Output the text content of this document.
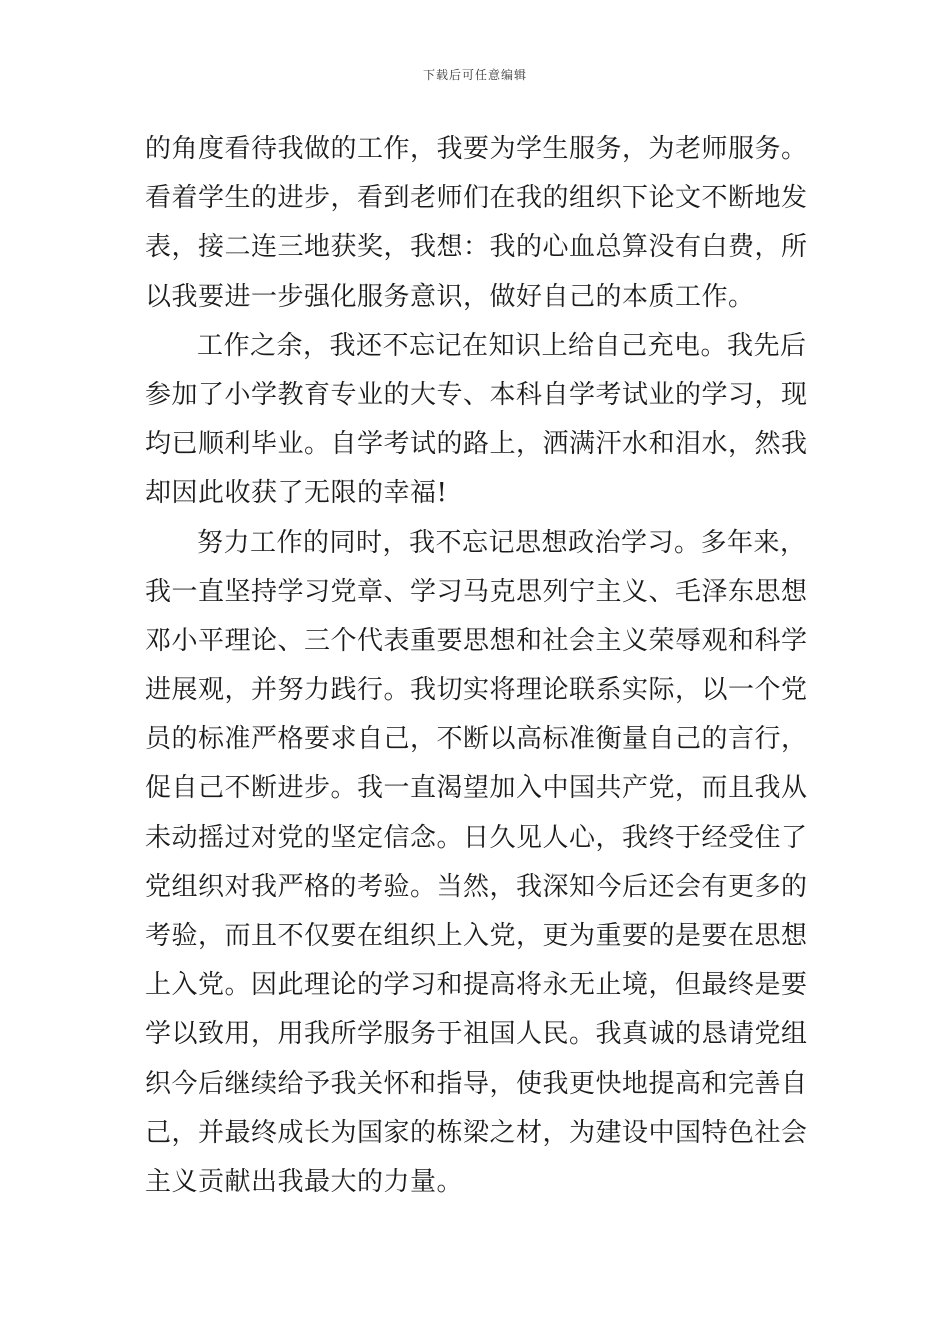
下载后可任意编辑
的角度看待我做的工作，我要为学生服务，为老师服务。
看着学生的进步，看到老师们在我的组织下论文不断地发
表，接二连三地获奖，我想：我的心血总算没有白费，所
以我要进一步强化服务意识，做好自己的本质工作。
工作之余，我还不忘记在知识上给自己充电。我先后
参加了小学教育专业的大专、本科自学考试业的学习，现
均已顺利毕业。自学考试的路上，洒满汗水和泪水，然我
却因此收获了无限的幸福!
努力工作的同时，我不忘记思想政治学习。多年来，
我一直坚持学习党章、学习马克思列宁主义、毛泽东思想
邓小平理论、三个代表重要思想和社会主义荣辱观和科学
进展观，并努力践行。我切实将理论联系实际，以一个党
员的标准严格要求自己，不断以高标准衡量自己的言行，
促自己不断进步。我一直渴望加入中国共产党，而且我从
未动摇过对党的坚定信念。日久见人心，我终于经受住了
党组织对我严格的考验。当然，我深知今后还会有更多的
考验，而且不仅要在组织上入党，更为重要的是要在思想
上入党。因此理论的学习和提高将永无止境，但最终是要
学以致用，用我所学服务于祖国人民。我真诚的恳请党组
织今后继续给予我关怀和指导，使我更快地提高和完善自
己，并最终成长为国家的栋梁之材，为建设中国特色社会
主义贡献出我最大的力量。
